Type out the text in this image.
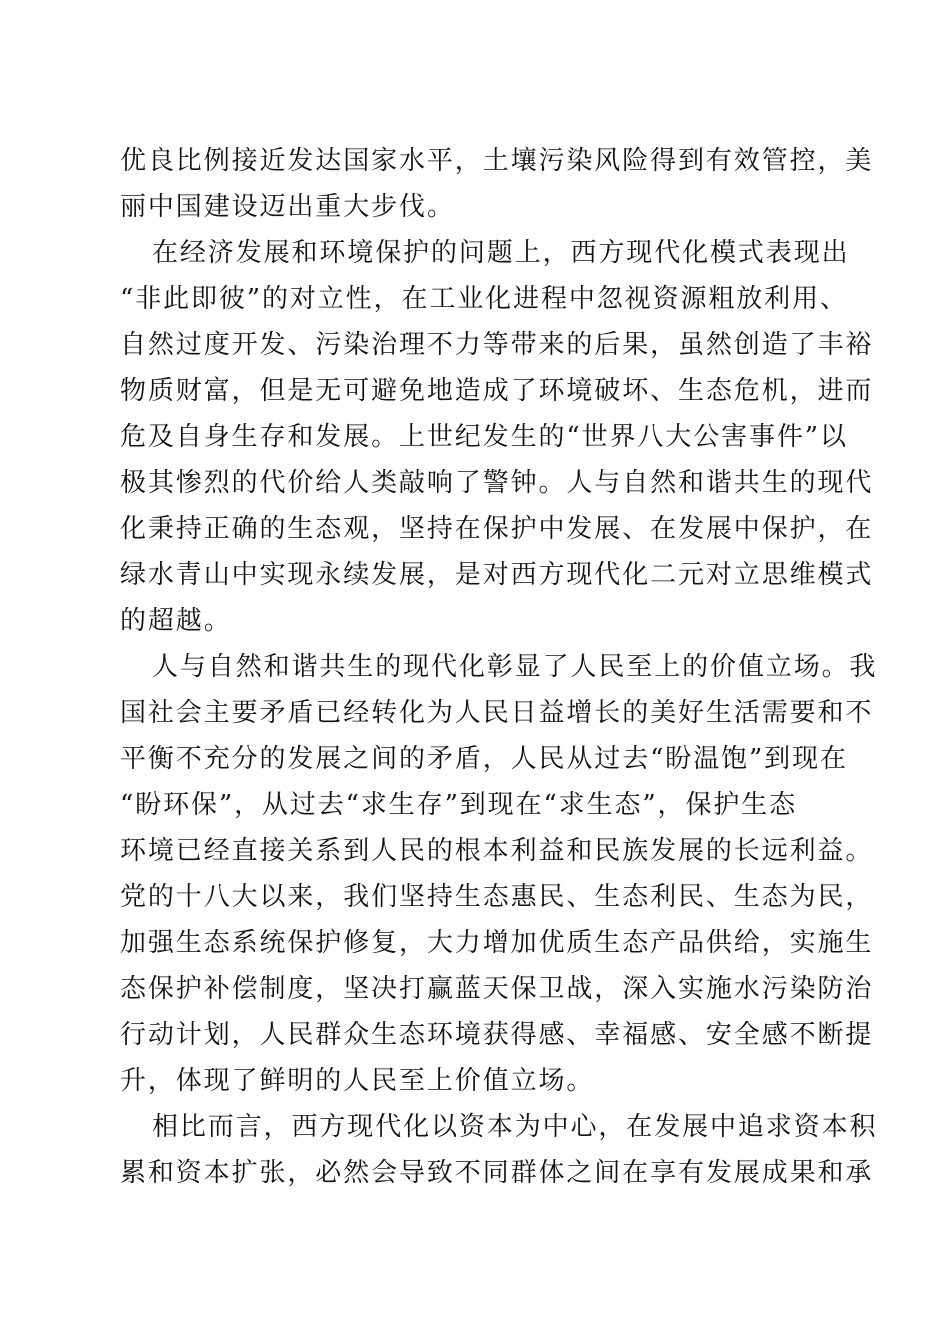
优良比例接近发达国家水平，土壤污染风险得到有效管控，美
丽中国建设迈出重大步伐。
在经济发展和环境保护的问题上，西方现代化模式表现出
“非此即彼”的对立性，在工业化进程中忽视资源粗放利用、
自然过度开发、污染治理不力等带来的后果，虽然创造了丰裕
物质财富，但是无可避免地造成了环境破坏、生态危机，进而
危及自身生存和发展。上世纪发生的“世界八大公害事件”以
极其惨烈的代价给人类敲响了警钟。人与自然和谐共生的现代
化秉持正确的生态观，坚持在保护中发展、在发展中保护，在
绿水青山中实现永续发展，是对西方现代化二元对立思维模式
的超越。
人与自然和谐共生的现代化彰显了人民至上的价值立场。我
国社会主要矛盾已经转化为人民日益增长的美好生活需要和不
平衡不充分的发展之间的矛盾，人民从过去“盼温饱”到现在
“盼环保”，从过去“求生存”到现在“求生态”，保护生态
环境已经直接关系到人民的根本利益和民族发展的长远利益。
党的十八大以来，我们坚持生态惠民、生态利民、生态为民，
加强生态系统保护修复，大力增加优质生态产品供给，实施生
态保护补偿制度，坚决打赢蓝天保卫战，深入实施水污染防治
行动计划，人民群众生态环境获得感、幸福感、安全感不断提
升，体现了鲜明的人民至上价值立场。
相比而言，西方现代化以资本为中心，在发展中追求资本积
累和资本扩张，必然会导致不同群体之间在享有发展成果和承
